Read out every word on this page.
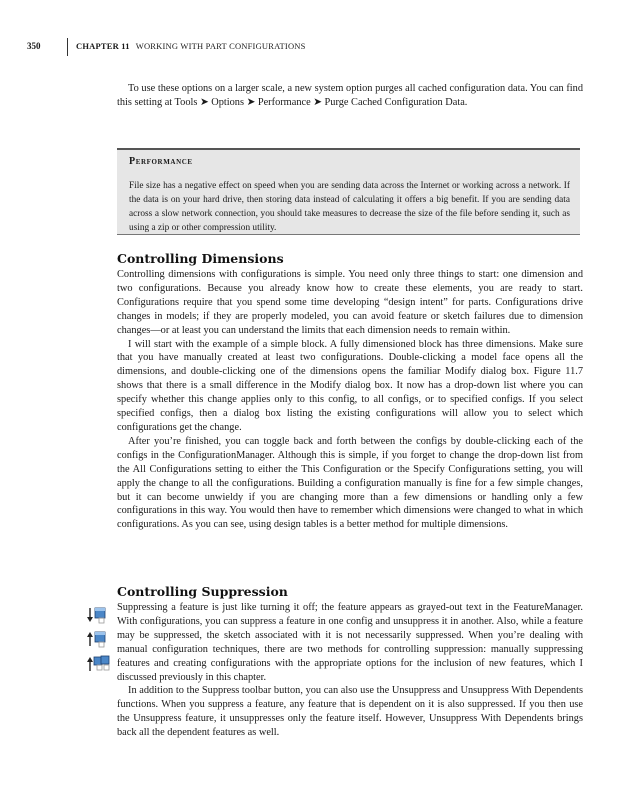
350	CHAPTER 11 WORKING WITH PART CONFIGURATIONS

To use these options on a larger scale, a new system option purges all cached configuration data. You can find this setting at Tools ➤ Options ➤ Performance ➤ Purge Cached Configuration Data.

Performance
File size has a negative effect on speed when you are sending data across the Internet or working across a network. If the data is on your hard drive, then storing data instead of calculating it offers a big benefit. If you are sending data across a slow network connection, you should take measures to decrease the size of the file before sending it, such as using a zip or other compression utility.
Controlling Dimensions

Controlling dimensions with configurations is simple. You need only three things to start: one dimension and two configurations. Because you already know how to create these elements, you are ready to start. Configurations require that you spend some time developing “design intent” for parts. Configurations drive changes in models; if they are properly modeled, you can avoid feature or sketch failures due to dimension changes—or at least you can understand the limits that each dimension needs to remain within.

I will start with the example of a simple block. A fully dimensioned block has three dimensions. Make sure that you have manually created at least two configurations. Double-clicking a model face opens all the dimensions, and double-clicking one of the dimensions opens the familiar Modify dialog box. Figure 11.7 shows that there is a small difference in the Modify dialog box. It now has a drop-down list where you can specify whether this change applies only to this config, to all configs, or to specified configs. If you select specified configs, then a dialog box listing the existing configurations will allow you to select which configurations get the change.

After you’re finished, you can toggle back and forth between the configs by double-clicking each of the configs in the ConfigurationManager. Although this is simple, if you forget to change the drop-down list from the All Configurations setting to either the This Configuration or the Specify Configurations setting, you will apply the change to all the configurations. Building a configuration manually is fine for a few simple changes, but it can become unwieldy if you are changing more than a few dimensions or handling only a few configurations in this way. You would then have to remember which dimensions were changed to what in which configurations. As you can see, using design tables is a better method for multiple dimensions.

Controlling Suppression

Suppressing a feature is just like turning it off; the feature appears as grayed-out text in the FeatureManager. With configurations, you can suppress a feature in one config and unsuppress it in another. Also, while a feature may be suppressed, the sketch associated with it is not necessarily suppressed. When you’re dealing with manual configuration techniques, there are two methods for controlling suppression: manually suppressing features and creating configurations with the appropriate options for the inclusion of new features, which I discussed previously in this chapter.

In addition to the Suppress toolbar button, you can also use the Unsuppress and Unsuppress With Dependents functions. When you suppress a feature, any feature that is dependent on it is also suppressed. If you then use the Unsuppress feature, it unsuppresses only the feature itself. However, Unsuppress With Dependents brings back all the dependent features as well.
